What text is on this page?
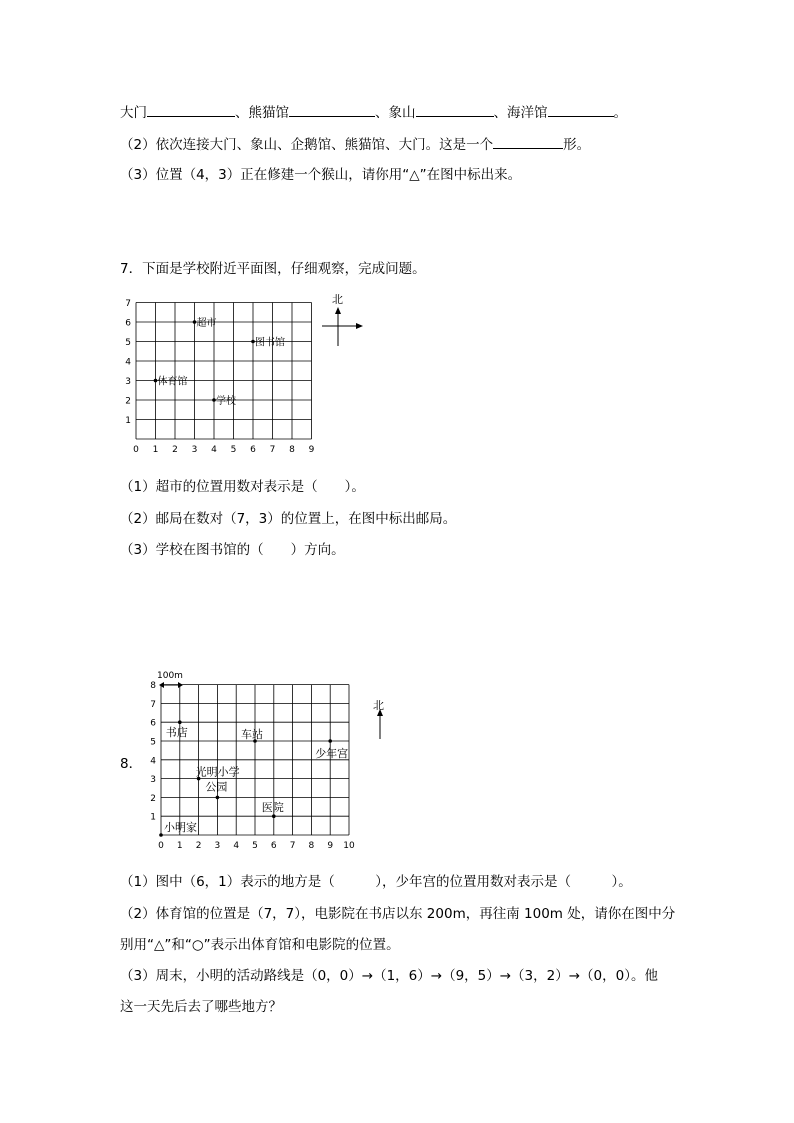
大门	、熊猫馆	、象山	、海洋馆	。
（2）依次连接大门、象山、企鹅馆、熊猫馆、大门。这是一个	形。
（3）位置（4，3）正在修建一个猴山，请你用“△”在图中标出来。
7．下面是学校附近平面图，仔细观察，完成问题。
0 1 2 3 4 5 6 7 8 9
1
2
3
4
5
6
7
超市
图书馆
体育馆
学校
北
（1）超市的位置用数对表示是（　　）。
（2）邮局在数对（7，3）的位置上，在图中标出邮局。
（3）学校在图书馆的（　　）方向。
8．
0 1 2 3 4 5 6 7 8 9 10
1
2
3
4
5
6
7
8
书店	车站
少年宫
光明小学
公园
医院
小明家
100m
北
（1）图中（6，1）表示的地方是（　　　），少年宫的位置用数对表示是（　　　）。
（2）体育馆的位置是（7，7），电影院在书店以东 200m，再往南 100m 处，请你在图中分
别用“△”和“○”表示出体育馆和电影院的位置。
（3）周末，小明的活动路线是（0，0）→（1，6）→（9，5）→（3，2）→（0，0）。他
这一天先后去了哪些地方？
